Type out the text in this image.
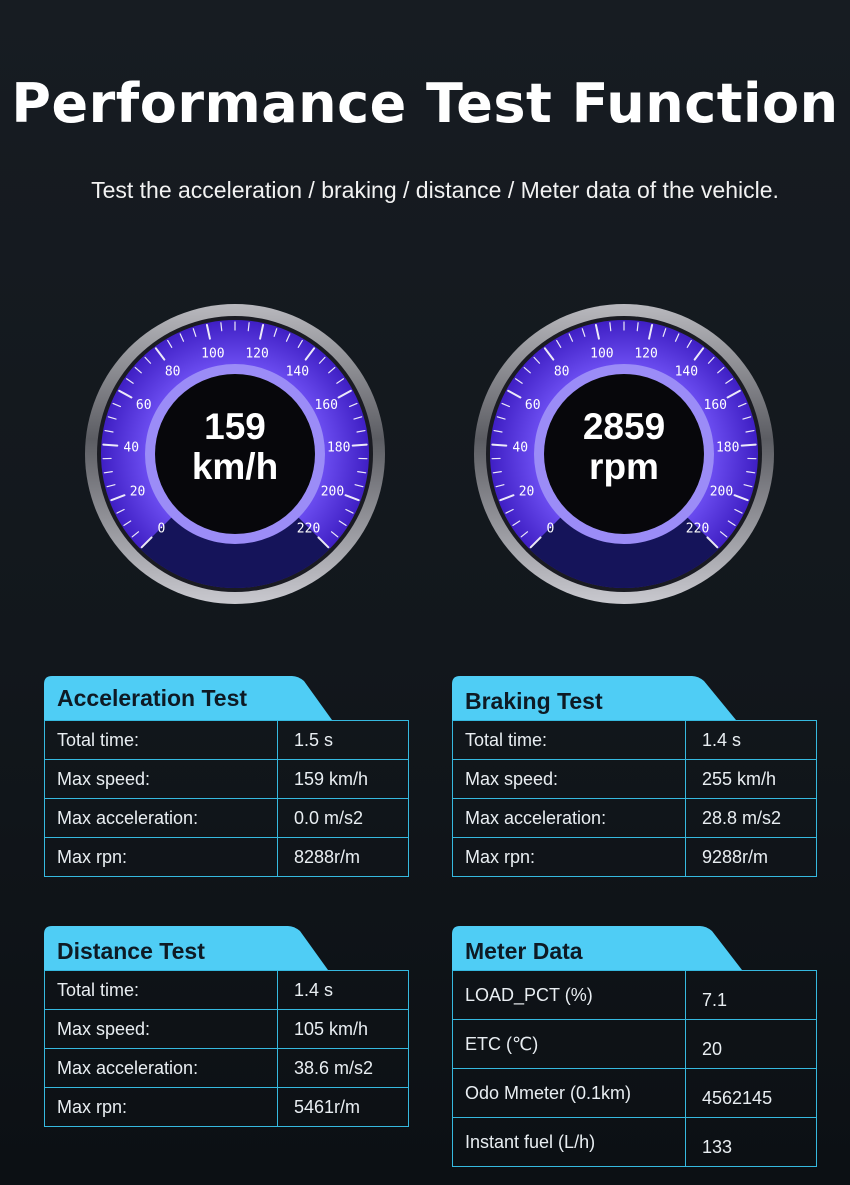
Performance Test Function

Test the acceleration / braking / distance / Meter data of the vehicle.

0
20
40
60
80
100 120
140
160
180
200
220
159
km/h
0
20
40
60
80
100 120
140
160
180
200
220
2859
rpm
Acceleration Test
Total time:	1.5 s
Max speed:	159 km/h
Max acceleration:	0.0 m/s2
Max rpn:	8288r/m
Braking Test
Total time:	1.4 s
Max speed:	255 km/h
Max acceleration:	28.8 m/s2
Max rpn:	9288r/m
Distance Test
Total time:	1.4 s
Max speed:	105 km/h
Max acceleration:	38.6 m/s2
Max rpn:	5461r/m
Meter Data
LOAD_PCT (%)	7.1
ETC (℃)	20
Odo Mmeter (0.1km)	4562145
Instant fuel (L/h)	133
